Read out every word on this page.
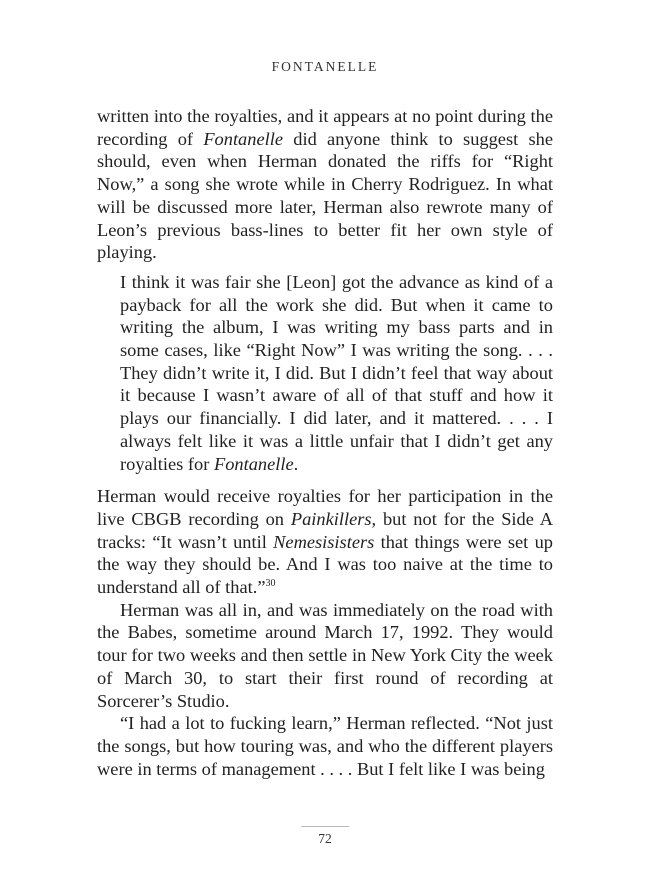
FONTANELLE

written into the royalties, and it appears at no point during the recording of Fontanelle did anyone think to suggest she should, even when Herman donated the riffs for “Right Now,” a song she wrote while in Cherry Rodriguez. In what will be discussed more later, Herman also rewrote many of Leon’s previous bass-lines to better fit her own style of playing.

I think it was fair she [Leon] got the advance as kind of a payback for all the work she did. But when it came to writing the album, I was writing my bass parts and in some cases, like “Right Now” I was writing the song. . . . They didn’t write it, I did. But I didn’t feel that way about it because I wasn’t aware of all of that stuff and how it plays our financially. I did later, and it mattered. . . . I always felt like it was a little unfair that I didn’t get any royalties for Fontanelle.

Herman would receive royalties for her participation in the live CBGB recording on Painkillers, but not for the Side A tracks: “It wasn’t until Nemesisisters that things were set up the way they should be. And I was too naive at the time to understand all of that.”$^{30}$

Herman was all in, and was immediately on the road with the Babes, sometime around March 17, 1992. They would tour for two weeks and then settle in New York City the week of March 30, to start their first round of recording at Sorcerer’s Studio.

“I had a lot to fucking learn,” Herman reflected. “Not just the songs, but how touring was, and who the different players were in terms of management . . . . But I felt like I was being

72
